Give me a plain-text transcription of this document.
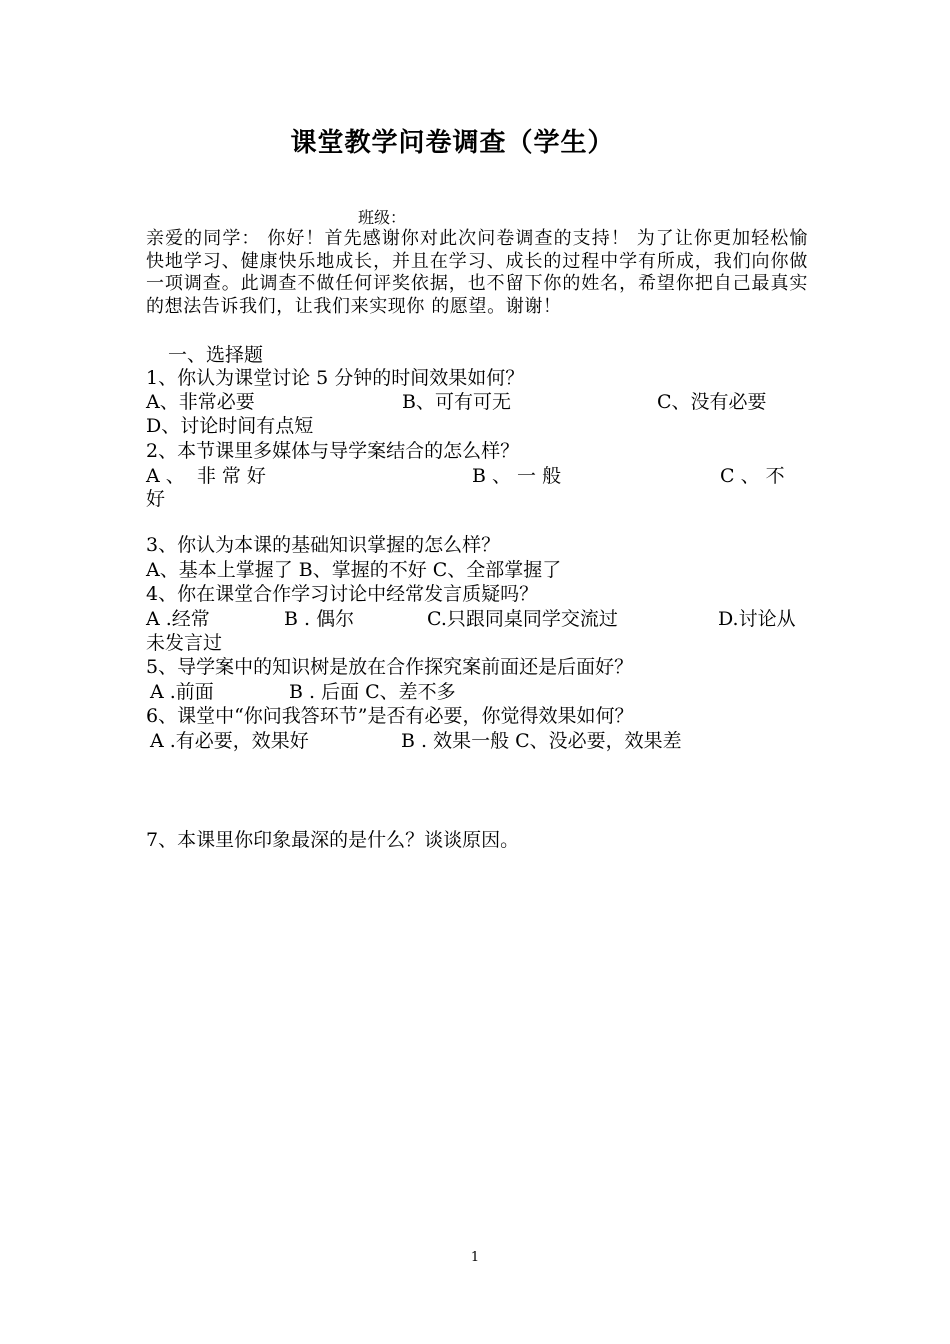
课堂教学问卷调查（学生）
班级：
亲爱的同学： 你好！首先感谢你对此次问卷调查的支持！ 为了让你更加轻松愉快地学习、健康快乐地成长，并且在学习、成长的过程中学有所成，我们向你做一项调查。此调查不做任何评奖依据，也不留下你的姓名，希望你把自己最真实的想法告诉我们，让我们来实现你 的愿望。谢谢！
一、选择题
1、你认为课堂讨论 5 分钟的时间效果如何？
A、非常必要	B、可有可无	C、没有必要
D、讨论时间有点短
2、本节课里多媒体与导学案结合的怎么样？
A 、  非 常 好	B 、 一 般	C 、 不
好
3、你认为本课的基础知识掌握的怎么样？
A、基本上掌握了 B、掌握的不好 C、全部掌握了
4、你在课堂合作学习讨论中经常发言质疑吗？
A .经常	B . 偶尔	C.只跟同桌同学交流过	D.讨论从
未发言过
5、导学案中的知识树是放在合作探究案前面还是后面好？
A .前面	B . 后面 C、差不多
6、课堂中“你问我答环节”是否有必要，你觉得效果如何？
A .有必要，效果好	B . 效果一般 C、没必要，效果差
7、本课里你印象最深的是什么？谈谈原因。
1
